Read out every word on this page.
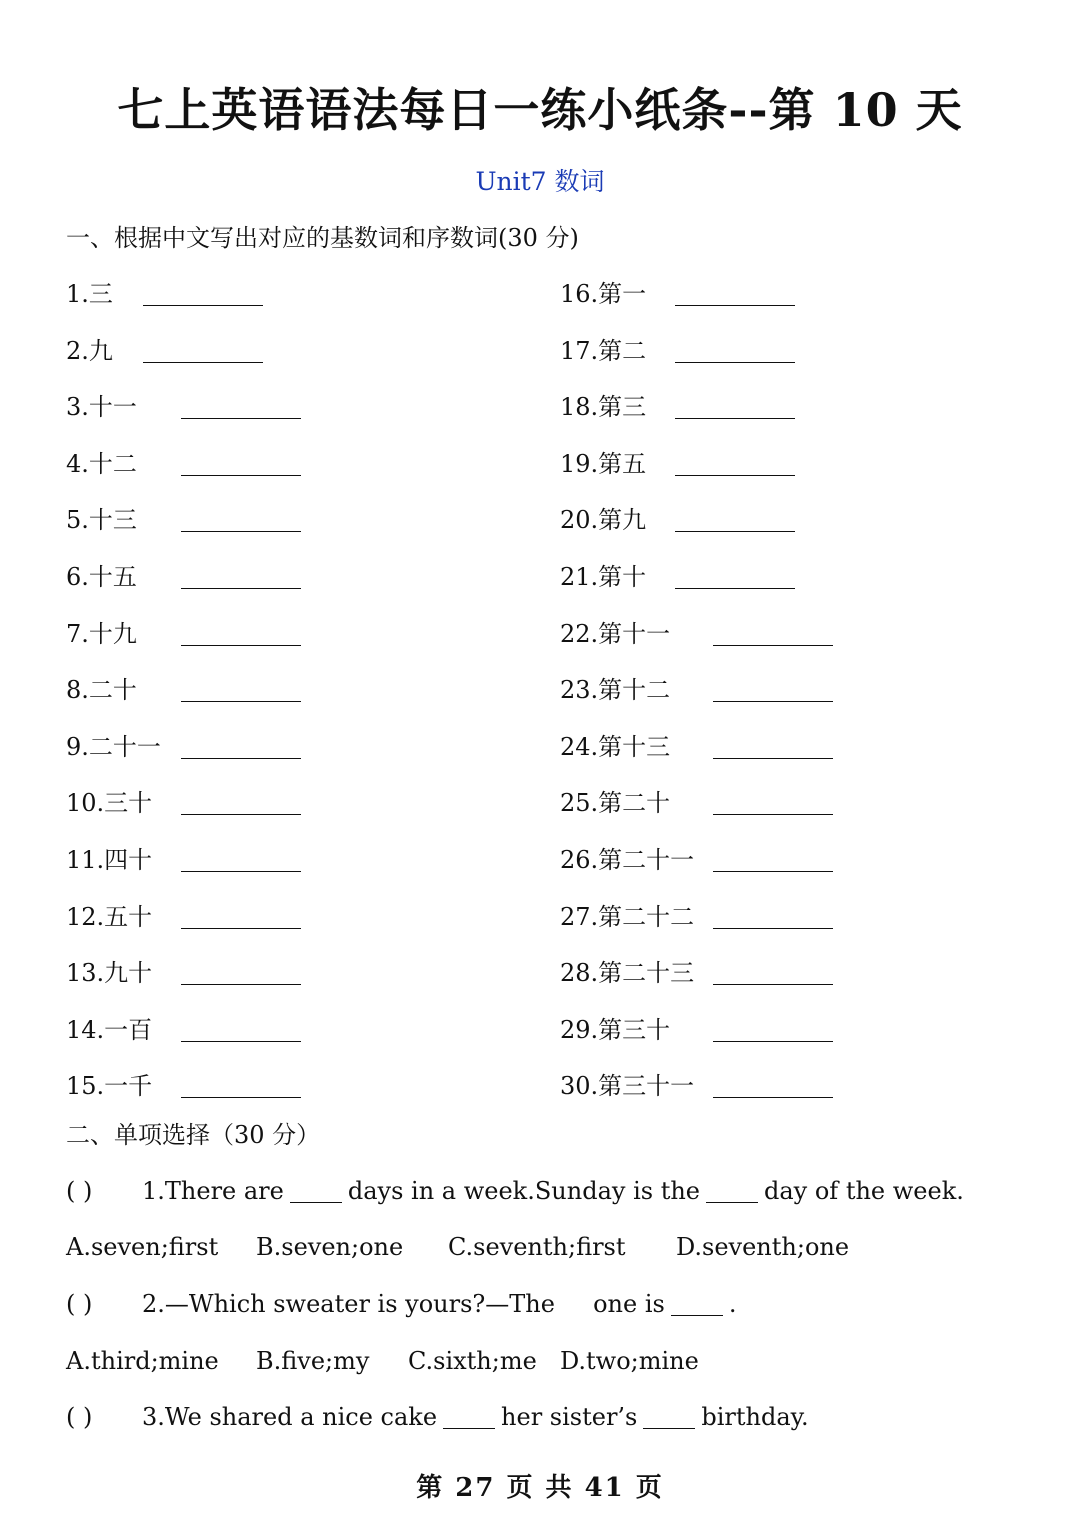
七上英语语法每日一练小纸条--第 10 天
Unit7 数词
一、根据中文写出对应的基数词和序数词(30 分)
1.三
2.九
3.十一
4.十二
5.十三
6.十五
7.十九
8.二十
9.二十一
10.三十
11.四十
12.五十
13.九十
14.一百
15.一千
16.第一
17.第二
18.第三
19.第五
20.第九
21.第十
22.第十一
23.第十二
24.第十三
25.第二十
26.第二十一
27.第二十二
28.第二十三
29.第三十
30.第三十一
二、单项选择（30 分）
( ) 1.There are	days in a week.Sunday is the	day of the week.
A.seven;first B.seven;one C.seventh;first D.seventh;one
( ) 2.—Which sweater is yours?—The     one is	.
A.third;mine B.five;my C.sixth;me D.two;mine
( ) 3.We shared a nice cake	her sister’s	birthday.
第 27 页 共 41 页
